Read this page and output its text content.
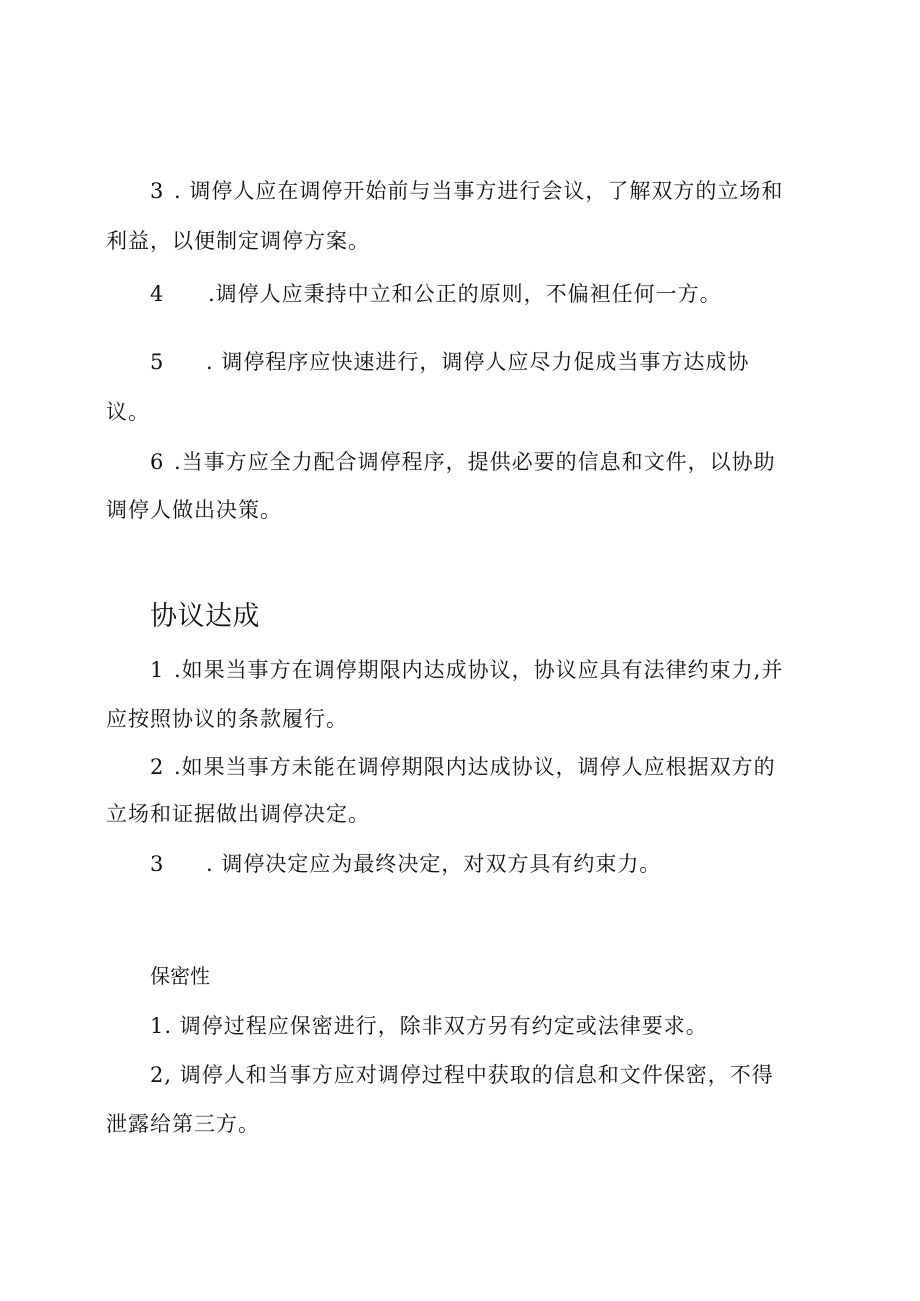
3 . 调停人应在调停开始前与当事方进行会议，了解双方的立场和
利益，以便制定调停方案。
4 .调停人应秉持中立和公正的原则，不偏袒任何一方。
5 . 调停程序应快速进行，调停人应尽力促成当事方达成协
议。
6 .当事方应全力配合调停程序，提供必要的信息和文件，以协助
调停人做出决策。
协议达成
1 .如果当事方在调停期限内达成协议，协议应具有法律约束力,并
应按照协议的条款履行。
2 .如果当事方未能在调停期限内达成协议，调停人应根据双方的
立场和证据做出调停决定。
3 . 调停决定应为最终决定，对双方具有约束力。
保密性
1. 调停过程应保密进行，除非双方另有约定或法律要求。
2, 调停人和当事方应对调停过程中获取的信息和文件保密，不得
泄露给第三方。
